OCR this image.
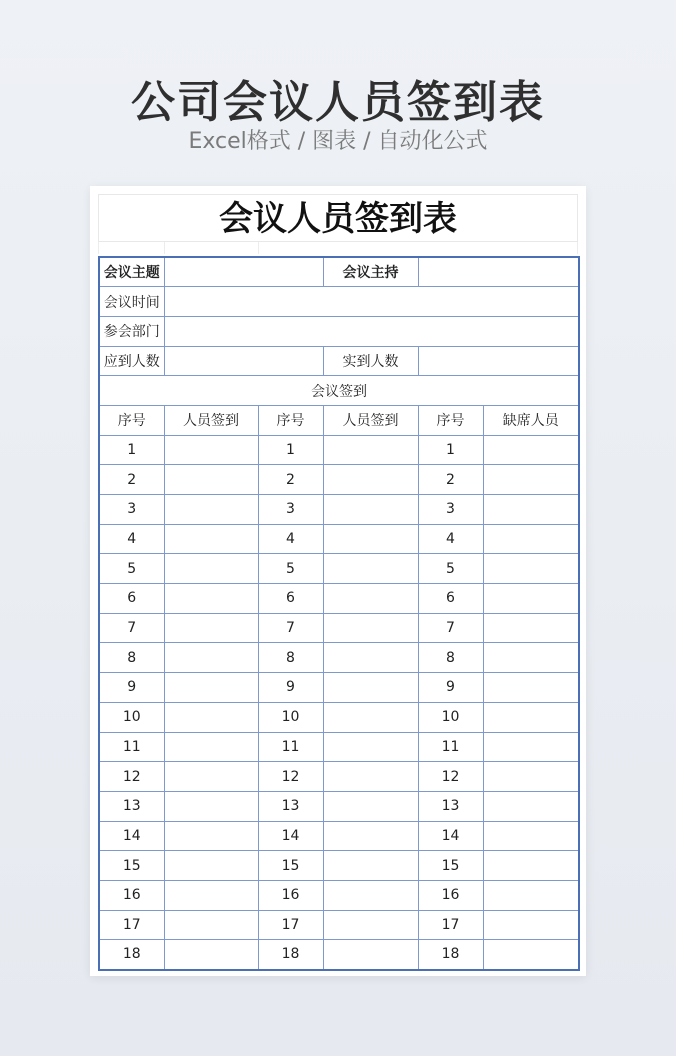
公司会议人员签到表
Excel格式 / 图表 / 自动化公式
会议人员签到表
会议主题			会议主持		
会议时间					
参会部门					
应到人数			实到人数		
会议签到					
序号	人员签到	序号	人员签到	序号	缺席人员
1		1		1	
2		2		2	
3		3		3	
4		4		4	
5		5		5	
6		6		6	
7		7		7	
8		8		8	
9		9		9	
10		10		10	
11		11		11	
12		12		12	
13		13		13	
14		14		14	
15		15		15	
16		16		16	
17		17		17	
18		18		18	
